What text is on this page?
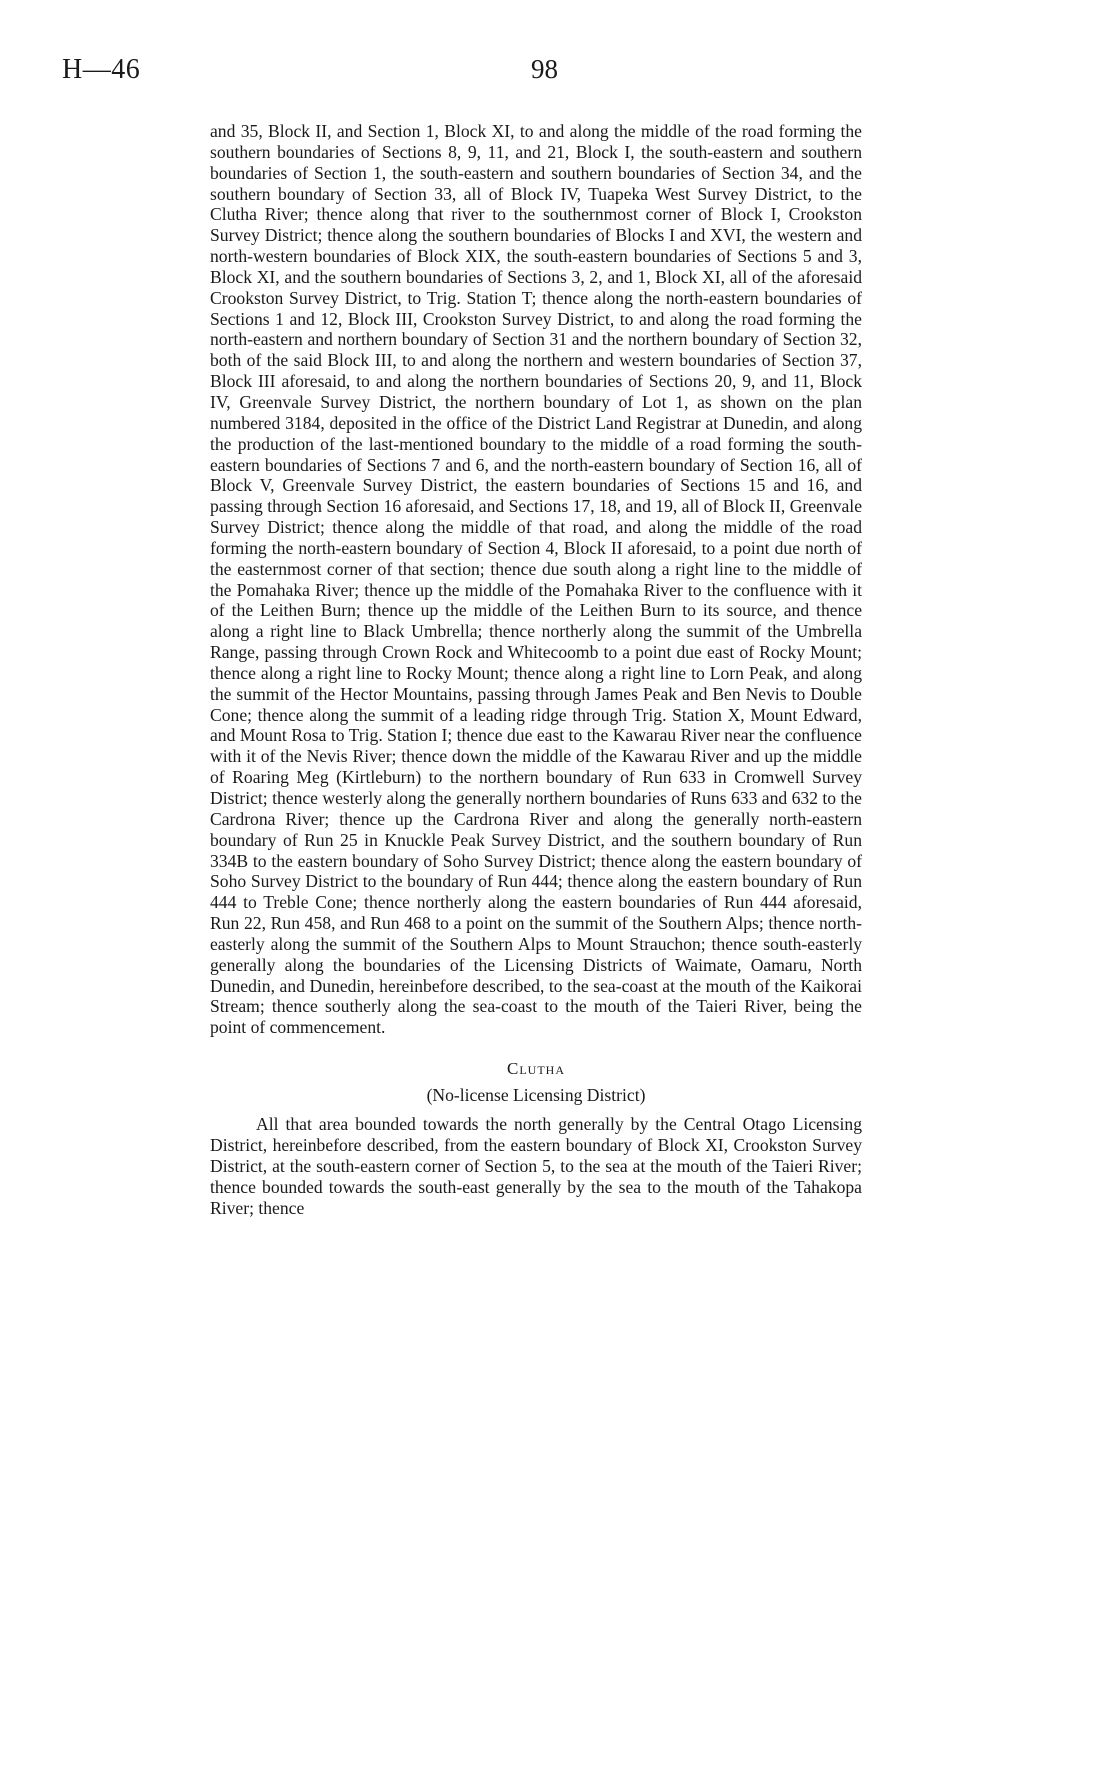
H—46	98

and 35, Block II, and Section 1, Block XI, to and along the middle of the road forming the southern boundaries of Sections 8, 9, 11, and 21, Block I, the south-eastern and southern boundaries of Section 1, the south-eastern and southern boundaries of Section 34, and the southern boundary of Section 33, all of Block IV, Tuapeka West Survey District, to the Clutha River; thence along that river to the southernmost corner of Block I, Crookston Survey District; thence along the southern boundaries of Blocks I and XVI, the western and north-western boundaries of Block XIX, the south-eastern boundaries of Sections 5 and 3, Block XI, and the southern boundaries of Sections 3, 2, and 1, Block XI, all of the aforesaid Crookston Survey District, to Trig. Station T; thence along the north-eastern boundaries of Sections 1 and 12, Block III, Crookston Survey District, to and along the road forming the north-eastern and northern boundary of Section 31 and the northern boundary of Section 32, both of the said Block III, to and along the northern and western boundaries of Section 37, Block III aforesaid, to and along the northern boundaries of Sections 20, 9, and 11, Block IV, Greenvale Survey District, the northern boundary of Lot 1, as shown on the plan numbered 3184, deposited in the office of the District Land Registrar at Dunedin, and along the production of the last-mentioned boundary to the middle of a road forming the south-eastern boundaries of Sections 7 and 6, and the north-eastern boundary of Section 16, all of Block V, Greenvale Survey District, the eastern boundaries of Sections 15 and 16, and passing through Section 16 aforesaid, and Sections 17, 18, and 19, all of Block II, Greenvale Survey District; thence along the middle of that road, and along the middle of the road forming the north-eastern boundary of Section 4, Block II aforesaid, to a point due north of the easternmost corner of that section; thence due south along a right line to the middle of the Pomahaka River; thence up the middle of the Pomahaka River to the confluence with it of the Leithen Burn; thence up the middle of the Leithen Burn to its source, and thence along a right line to Black Umbrella; thence northerly along the summit of the Umbrella Range, passing through Crown Rock and Whitecoomb to a point due east of Rocky Mount; thence along a right line to Rocky Mount; thence along a right line to Lorn Peak, and along the summit of the Hector Mountains, passing through James Peak and Ben Nevis to Double Cone; thence along the summit of a leading ridge through Trig. Station X, Mount Edward, and Mount Rosa to Trig. Station I; thence due east to the Kawarau River near the confluence with it of the Nevis River; thence down the middle of the Kawarau River and up the middle of Roaring Meg (Kirtleburn) to the northern boundary of Run 633 in Cromwell Survey District; thence westerly along the generally northern boundaries of Runs 633 and 632 to the Cardrona River; thence up the Cardrona River and along the generally north-eastern boundary of Run 25 in Knuckle Peak Survey District, and the southern boundary of Run 334B to the eastern boundary of Soho Survey District; thence along the eastern boundary of Soho Survey District to the boundary of Run 444; thence along the eastern boundary of Run 444 to Treble Cone; thence northerly along the eastern boundaries of Run 444 aforesaid, Run 22, Run 458, and Run 468 to a point on the summit of the Southern Alps; thence north-easterly along the summit of the Southern Alps to Mount Strauchon; thence south-easterly generally along the boundaries of the Licensing Districts of Waimate, Oamaru, North Dunedin, and Dunedin, hereinbefore described, to the sea-coast at the mouth of the Kaikorai Stream; thence southerly along the sea-coast to the mouth of the Taieri River, being the point of commencement.

Clutha
(No-license Licensing District)

All that area bounded towards the north generally by the Central Otago Licensing District, hereinbefore described, from the eastern boundary of Block XI, Crookston Survey District, at the south-eastern corner of Section 5, to the sea at the mouth of the Taieri River; thence bounded towards the south-east generally by the sea to the mouth of the Tahakopa River; thence
